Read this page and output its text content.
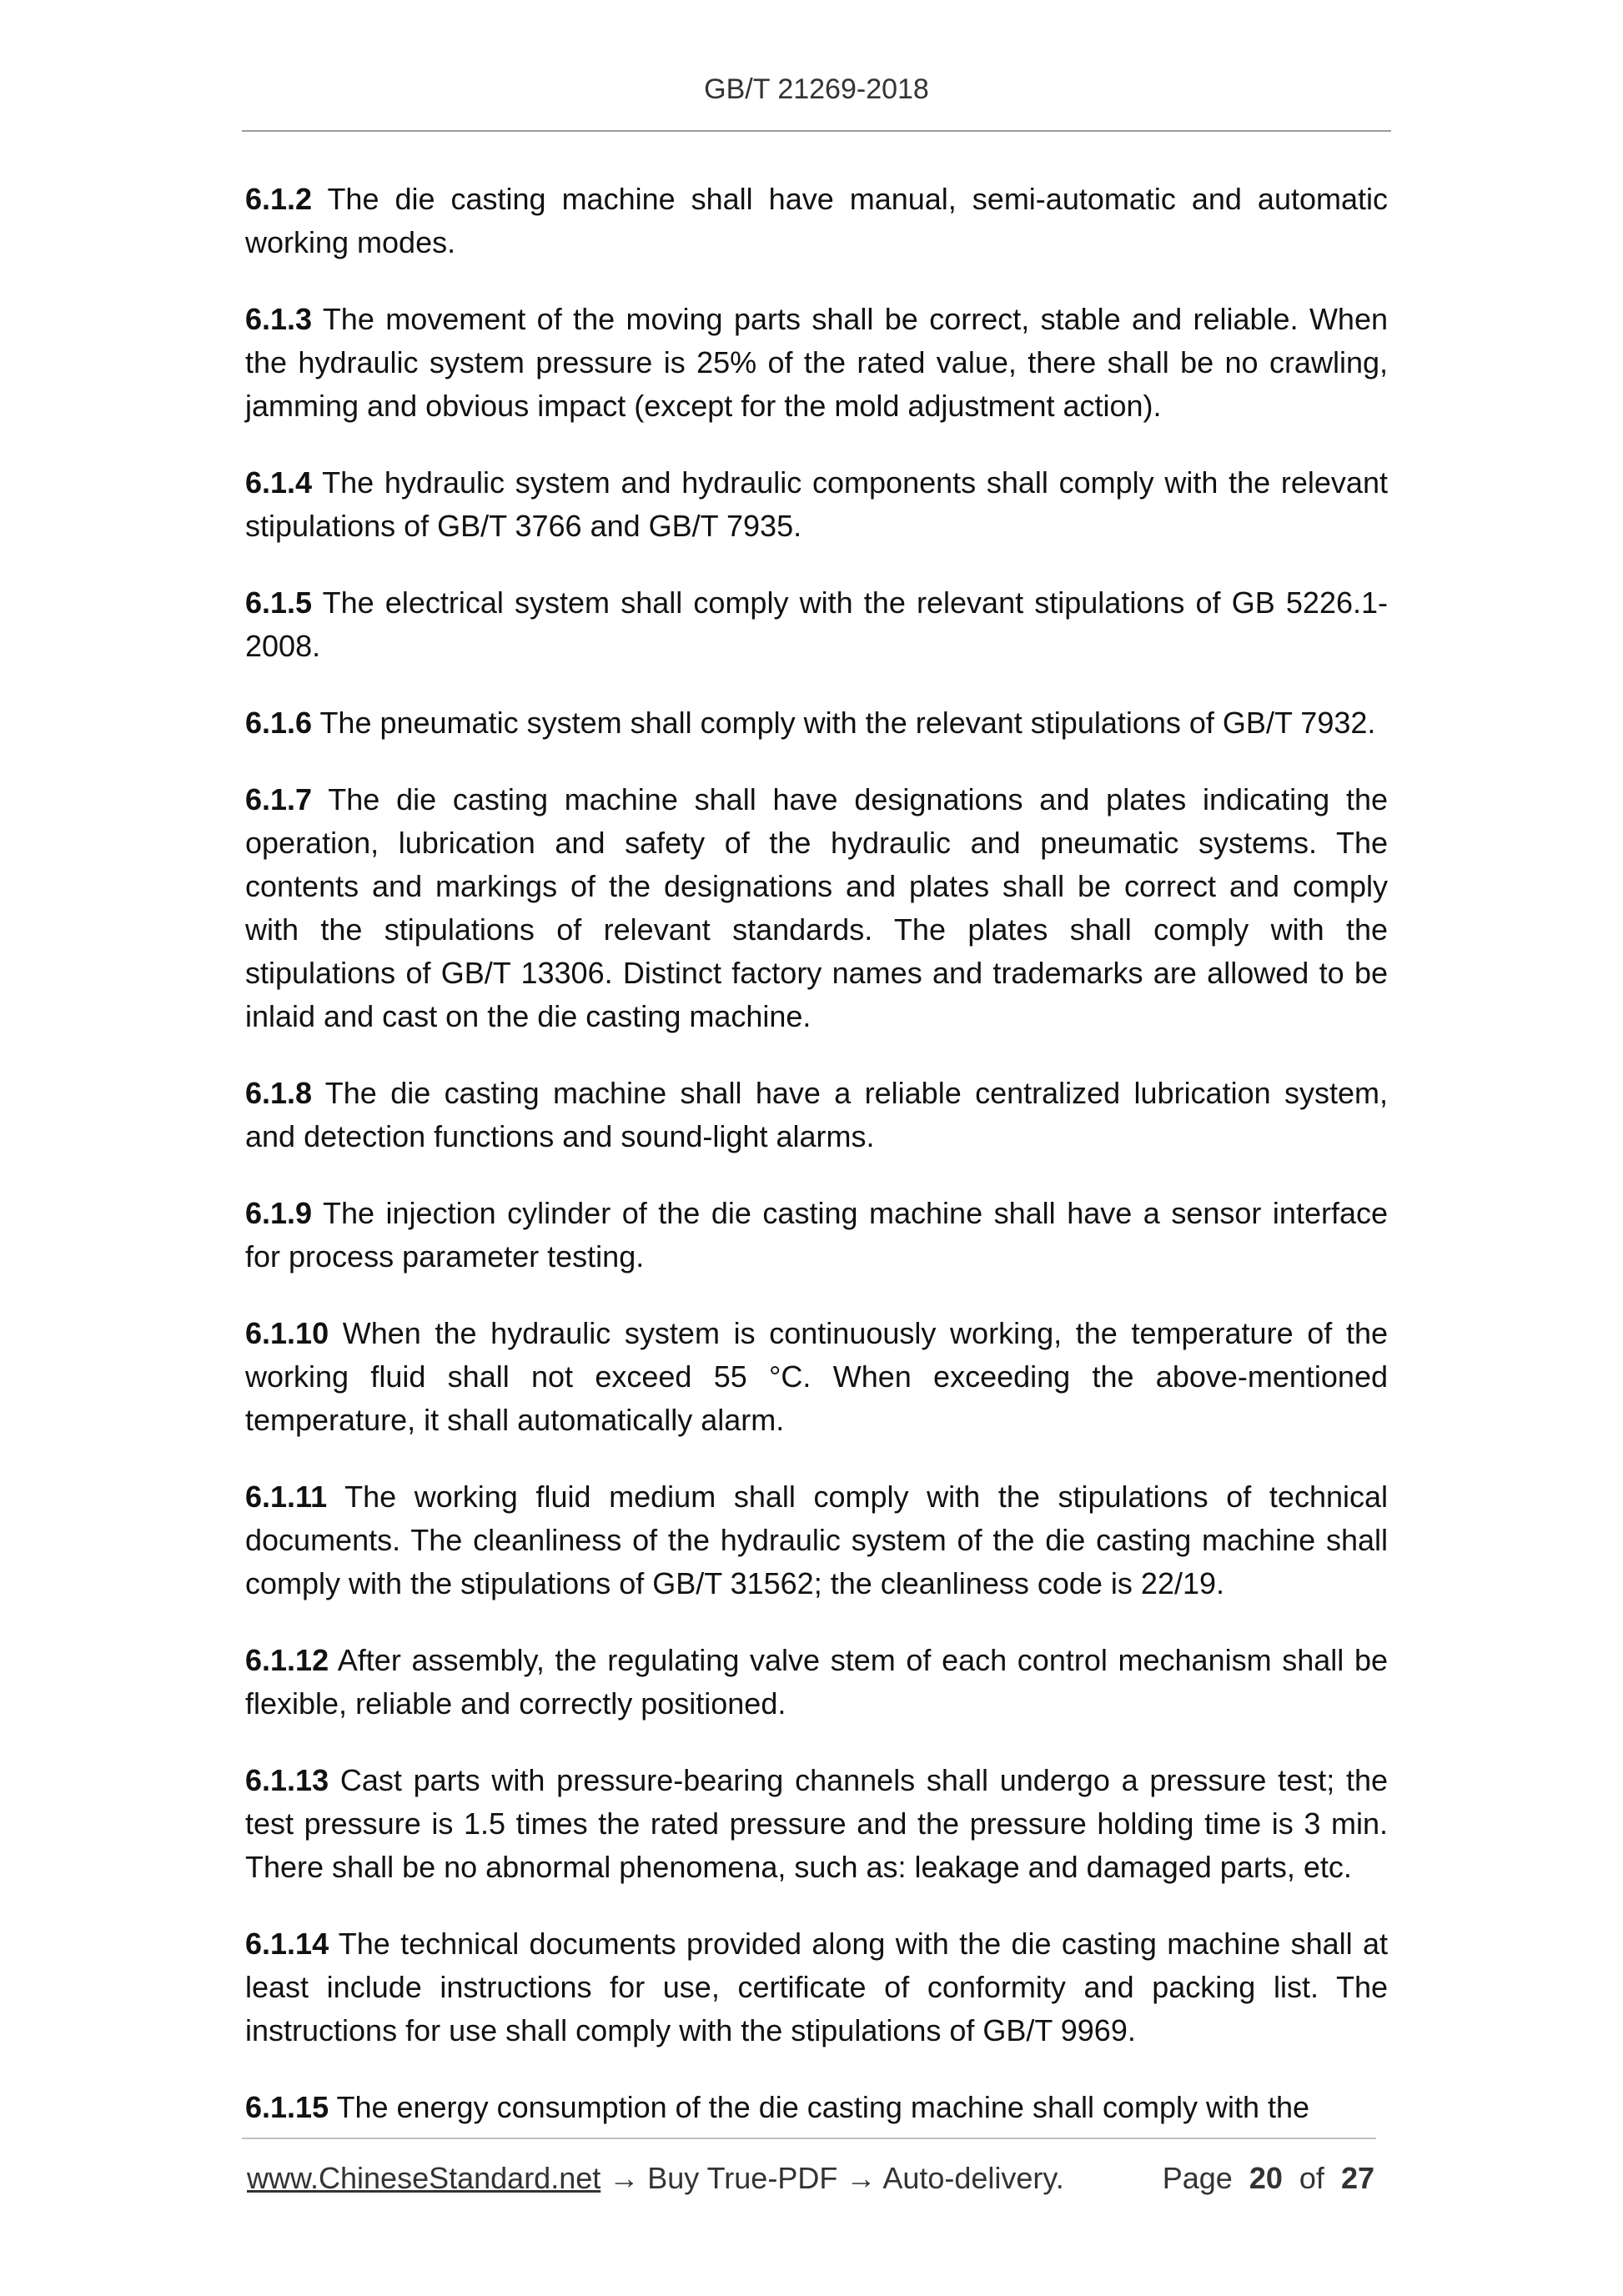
GB/T 21269-2018

6.1.2 The die casting machine shall have manual, semi-automatic and automatic working modes.

6.1.3 The movement of the moving parts shall be correct, stable and reliable. When the hydraulic system pressure is 25% of the rated value, there shall be no crawling, jamming and obvious impact (except for the mold adjustment action).

6.1.4 The hydraulic system and hydraulic components shall comply with the relevant stipulations of GB/T 3766 and GB/T 7935.

6.1.5 The electrical system shall comply with the relevant stipulations of GB 5226.1-2008.

6.1.6 The pneumatic system shall comply with the relevant stipulations of GB/T 7932.

6.1.7 The die casting machine shall have designations and plates indicating the operation, lubrication and safety of the hydraulic and pneumatic systems. The contents and markings of the designations and plates shall be correct and comply with the stipulations of relevant standards. The plates shall comply with the stipulations of GB/T 13306. Distinct factory names and trademarks are allowed to be inlaid and cast on the die casting machine.

6.1.8 The die casting machine shall have a reliable centralized lubrication system, and detection functions and sound-light alarms.

6.1.9 The injection cylinder of the die casting machine shall have a sensor interface for process parameter testing.

6.1.10 When the hydraulic system is continuously working, the temperature of the working fluid shall not exceed 55 °C. When exceeding the above-mentioned temperature, it shall automatically alarm.

6.1.11 The working fluid medium shall comply with the stipulations of technical documents. The cleanliness of the hydraulic system of the die casting machine shall comply with the stipulations of GB/T 31562; the cleanliness code is 22/19.

6.1.12 After assembly, the regulating valve stem of each control mechanism shall be flexible, reliable and correctly positioned.

6.1.13 Cast parts with pressure-bearing channels shall undergo a pressure test; the test pressure is 1.5 times the rated pressure and the pressure holding time is 3 min. There shall be no abnormal phenomena, such as: leakage and damaged parts, etc.

6.1.14 The technical documents provided along with the die casting machine shall at least include instructions for use, certificate of conformity and packing list. The instructions for use shall comply with the stipulations of GB/T 9969.

6.1.15 The energy consumption of the die casting machine shall comply with the

www.ChineseStandard.net → Buy True-PDF → Auto-delivery.	Page 20 of 27
